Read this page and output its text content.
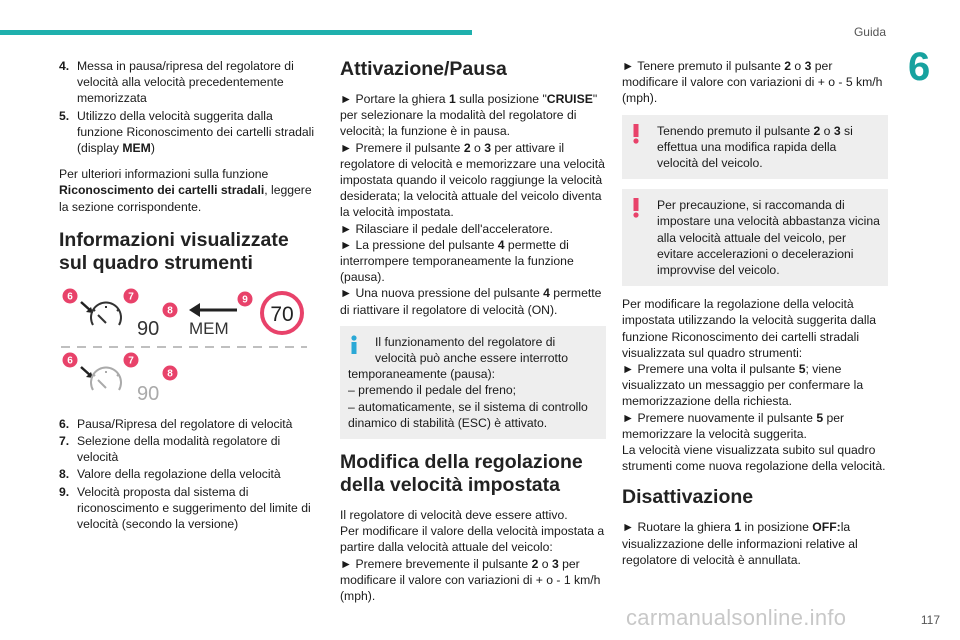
Guida
6
4. Messa in pausa/ripresa del regolatore di velocità alla velocità precedentemente memorizzata
5. Utilizzo della velocità suggerita dalla funzione Riconoscimento dei cartelli stradali (display MEM)

Per ulteriori informazioni sulla funzione Riconoscimento dei cartelli stradali, leggere la sezione corrispondente.

Informazioni visualizzate sul quadro strumenti
6	7
90
8
MEM
9
70
6	7
90
8
6. Pausa/Ripresa del regolatore di velocità
7. Selezione della modalità regolatore di velocità
8. Valore della regolazione della velocità
9. Velocità proposta dal sistema di riconoscimento e suggerimento del limite di velocità (secondo la versione)
Attivazione/Pausa

► Portare la ghiera 1 sulla posizione "CRUISE" per selezionare la modalità del regolatore di velocità; la funzione è in pausa.

► Premere il pulsante 2 o 3 per attivare il regolatore di velocità e memorizzare una velocità impostata quando il veicolo raggiunge la velocità desiderata; la velocità attuale del veicolo diventa la velocità impostata.

► Rilasciare il pedale dell'acceleratore.

► La pressione del pulsante 4 permette di interrompere temporaneamente la funzione (pausa).

► Una nuova pressione del pulsante 4 permette di riattivare il regolatore di velocità (ON).

Il funzionamento del regolatore di velocità può anche essere interrotto
temporaneamente (pausa):
– premendo il pedale del freno;
– automaticamente, se il sistema di controllo dinamico di stabilità (ESC) è attivato.
Modifica della regolazione della velocità impostata

Il regolatore di velocità deve essere attivo.

Per modificare il valore della velocità impostata a partire dalla velocità attuale del veicolo:

► Premere brevemente il pulsante 2 o 3 per modificare il valore con variazioni di + o - 1 km/h (mph).

► Tenere premuto il pulsante 2 o 3 per modificare il valore con variazioni di + o - 5 km/h (mph).

Tenendo premuto il pulsante 2 o 3 si effettua una modifica rapida della velocità del veicolo.
Per precauzione, si raccomanda di impostare una velocità abbastanza vicina alla velocità attuale del veicolo, per evitare accelerazioni o decelerazioni improvvise del veicolo.

Per modificare la regolazione della velocità impostata utilizzando la velocità suggerita dalla funzione Riconoscimento dei cartelli stradali visualizzata sul quadro strumenti:

► Premere una volta il pulsante 5; viene visualizzato un messaggio per confermare la memorizzazione della richiesta.

► Premere nuovamente il pulsante 5 per memorizzare la velocità suggerita.

La velocità viene visualizzata subito sul quadro strumenti come nuova regolazione della velocità.

Disattivazione

► Ruotare la ghiera 1 in posizione OFF:la visualizzazione delle informazioni relative al regolatore di velocità è annullata.

carmanualsonline.info	117
